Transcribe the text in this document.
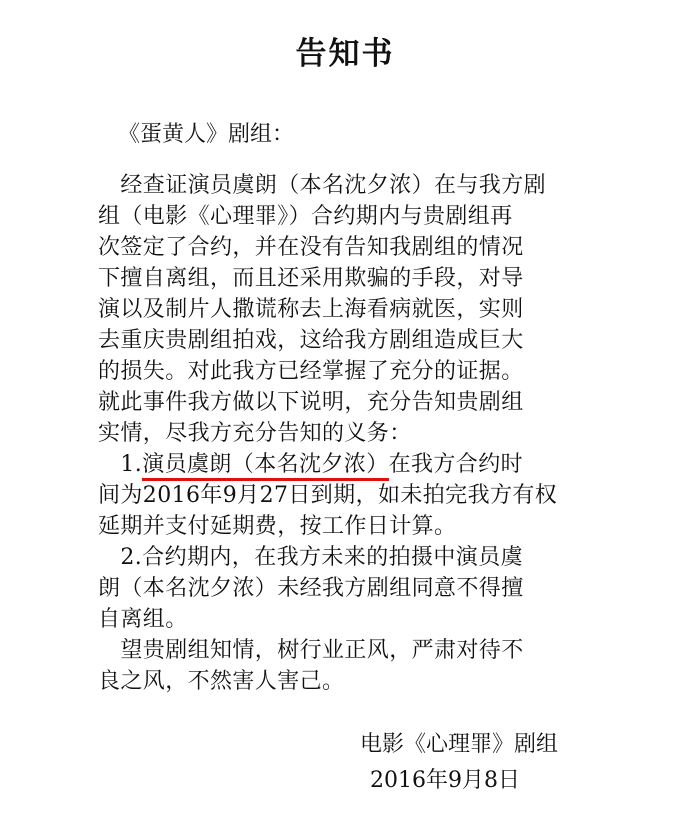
告知书
《蛋黄人》剧组：
　经查证演员虞朗（本名沈夕浓）在与我方剧
组（电影《心理罪》）合约期内与贵剧组再
次签定了合约，并在没有告知我剧组的情况
下擅自离组，而且还采用欺骗的手段，对导
演以及制片人撒谎称去上海看病就医，实则
去重庆贵剧组拍戏，这给我方剧组造成巨大
的损失。对此我方已经掌握了充分的证据。
就此事件我方做以下说明，充分告知贵剧组
实情，尽我方充分告知的义务：
　1.演员虞朗（本名沈夕浓）在我方合约时
间为2016年9月27日到期，如未拍完我方有权
延期并支付延期费，按工作日计算。
　2.合约期内，在我方未来的拍摄中演员虞
朗（本名沈夕浓）未经我方剧组同意不得擅
自离组。
　望贵剧组知情，树行业正风，严肃对待不
良之风，不然害人害己。
电影《心理罪》剧组
2016年9月8日
